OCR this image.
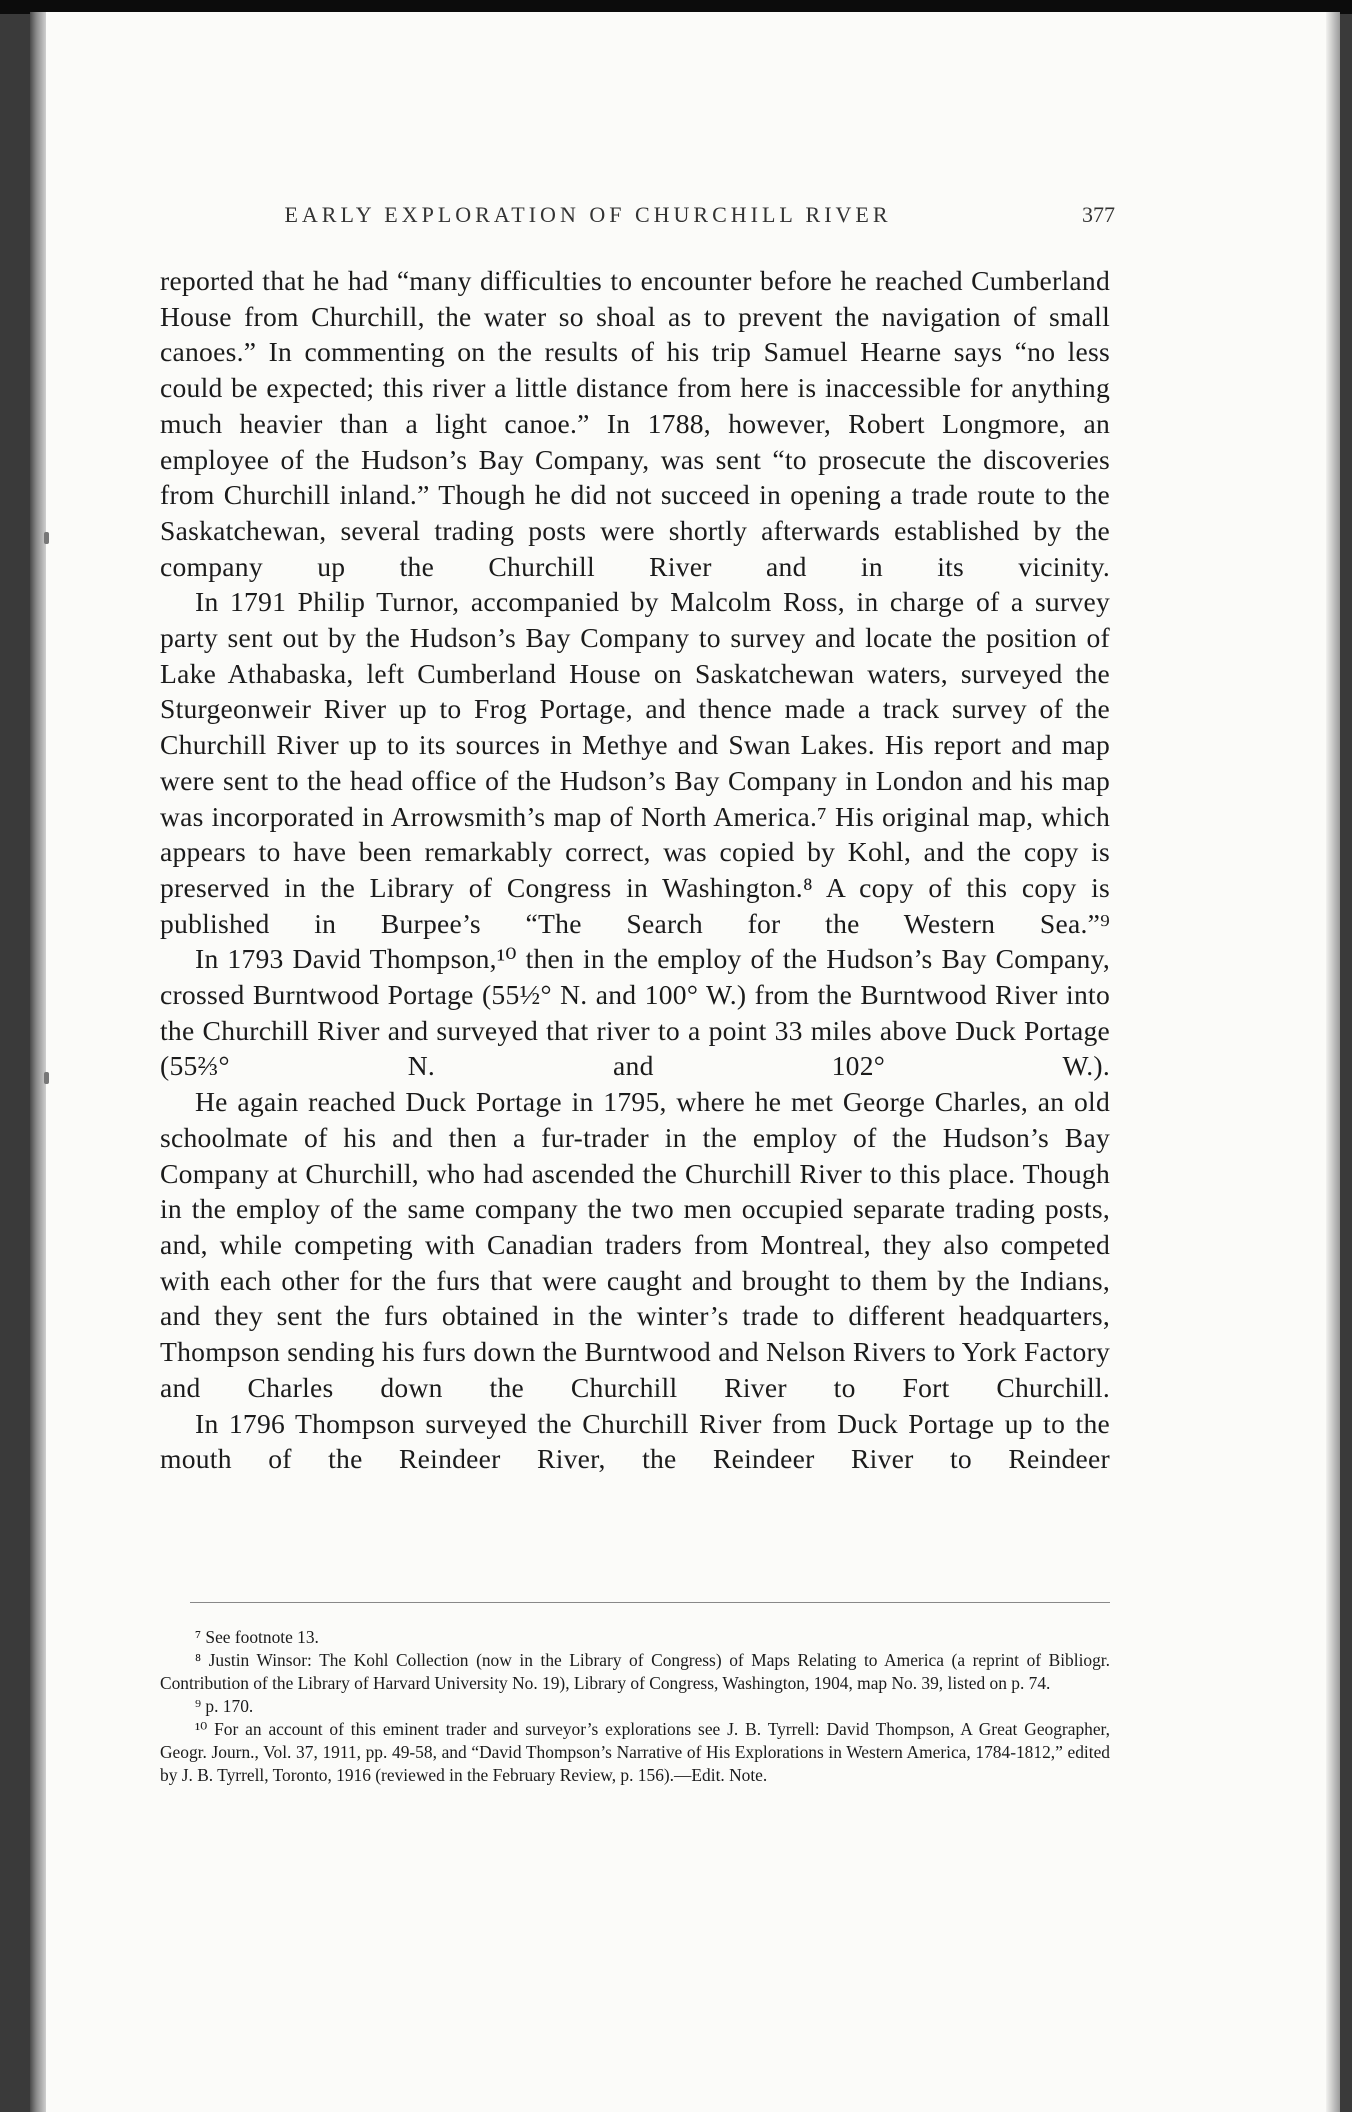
EARLY EXPLORATION OF CHURCHILL RIVER	377

reported that he had “many difficulties to encounter before he reached Cumberland House from Churchill, the water so shoal as to prevent the navigation of small canoes.” In commenting on the results of his trip Samuel Hearne says “no less could be expected; this river a little distance from here is inaccessible for anything much heavier than a light canoe.” In 1788, however, Robert Longmore, an employee of the Hudson’s Bay Company, was sent “to prosecute the discoveries from Churchill inland.” Though he did not succeed in opening a trade route to the Saskatchewan, several trading posts were shortly afterwards established by the company up the Churchill River and in its vicinity.

In 1791 Philip Turnor, accompanied by Malcolm Ross, in charge of a survey party sent out by the Hudson’s Bay Company to survey and locate the position of Lake Athabaska, left Cumberland House on Saskatchewan waters, surveyed the Sturgeonweir River up to Frog Portage, and thence made a track survey of the Churchill River up to its sources in Methye and Swan Lakes. His report and map were sent to the head office of the Hudson’s Bay Company in London and his map was incorporated in Arrowsmith’s map of North America.⁷ His original map, which appears to have been remarkably correct, was copied by Kohl, and the copy is preserved in the Library of Congress in Washington.⁸ A copy of this copy is published in Burpee’s “The Search for the Western Sea.”⁹

In 1793 David Thompson,¹⁰ then in the employ of the Hudson’s Bay Company, crossed Burntwood Portage (55½° N. and 100° W.) from the Burntwood River into the Churchill River and surveyed that river to a point 33 miles above Duck Portage (55⅔° N. and 102° W.).

He again reached Duck Portage in 1795, where he met George Charles, an old schoolmate of his and then a fur-trader in the employ of the Hudson’s Bay Company at Churchill, who had ascended the Churchill River to this place. Though in the employ of the same company the two men occupied separate trading posts, and, while competing with Canadian traders from Montreal, they also competed with each other for the furs that were caught and brought to them by the Indians, and they sent the furs obtained in the winter’s trade to different headquarters, Thompson sending his furs down the Burntwood and Nelson Rivers to York Factory and Charles down the Churchill River to Fort Churchill.

In 1796 Thompson surveyed the Churchill River from Duck Portage up to the mouth of the Reindeer River, the Reindeer River to Reindeer

⁷ See footnote 13.

⁸ Justin Winsor: The Kohl Collection (now in the Library of Congress) of Maps Relating to America (a reprint of Bibliogr. Contribution of the Library of Harvard University No. 19), Library of Congress, Washington, 1904, map No. 39, listed on p. 74.

⁹ p. 170.

¹⁰ For an account of this eminent trader and surveyor’s explorations see J. B. Tyrrell: David Thompson, A Great Geographer, Geogr. Journ., Vol. 37, 1911, pp. 49-58, and “David Thompson’s Narrative of His Explorations in Western America, 1784-1812,” edited by J. B. Tyrrell, Toronto, 1916 (reviewed in the February Review, p. 156).—Edit. Note.
